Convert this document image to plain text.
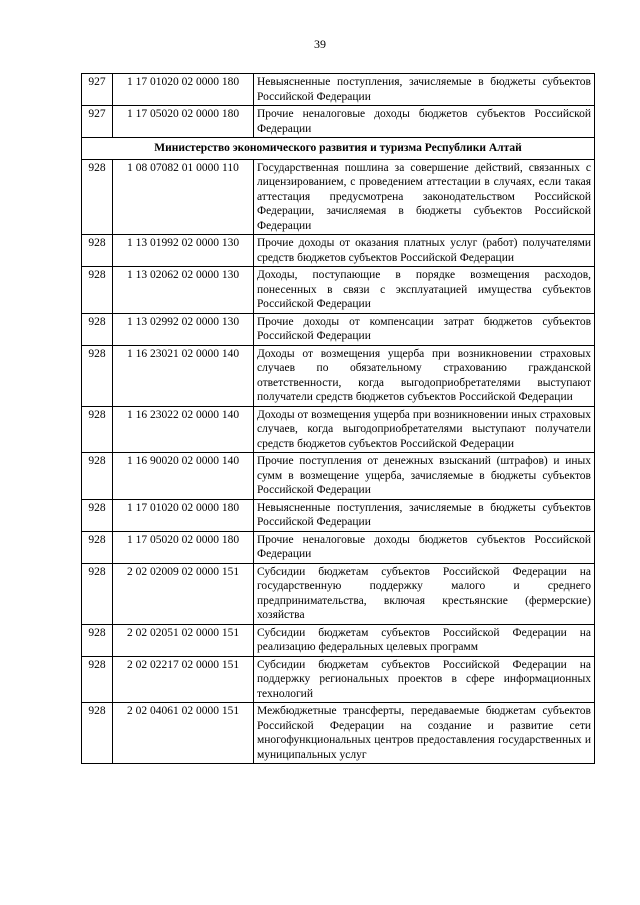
39
927	1 17 01020 02 0000 180	Невыясненные поступления, зачисляемые в бюджеты субъектов Российской Федерации
927	1 17 05020 02 0000 180	Прочие неналоговые доходы бюджетов субъектов Российской Федерации
Министерство экономического развития и туризма Республики Алтай		
928	1 08 07082 01 0000 110	Государственная пошлина за совершение действий, связанных с лицензированием, с проведением аттестации в случаях, если такая аттестация предусмотрена законодательством Российской Федерации, зачисляемая в бюджеты субъектов Российской Федерации
928	1 13 01992 02 0000 130	Прочие доходы от оказания платных услуг (работ) получателями средств бюджетов субъектов Российской Федерации
928	1 13 02062 02 0000 130	Доходы, поступающие в порядке возмещения расходов, понесенных в связи с эксплуатацией имущества субъектов Российской Федерации
928	1 13 02992 02 0000 130	Прочие доходы от компенсации затрат бюджетов субъектов Российской Федерации
928	1 16 23021 02 0000 140	Доходы от возмещения ущерба при возникновении страховых случаев по обязательному страхованию гражданской ответственности, когда выгодоприобретателями выступают получатели средств бюджетов субъектов Российской Федерации
928	1 16 23022 02 0000 140	Доходы от возмещения ущерба при возникновении иных страховых случаев, когда выгодоприобретателями выступают получатели средств бюджетов субъектов Российской Федерации
928	1 16 90020 02 0000 140	Прочие поступления от денежных взысканий (штрафов) и иных сумм в возмещение ущерба, зачисляемые в бюджеты субъектов Российской Федерации
928	1 17 01020 02 0000 180	Невыясненные поступления, зачисляемые в бюджеты субъектов Российской Федерации
928	1 17 05020 02 0000 180	Прочие неналоговые доходы бюджетов субъектов Российской Федерации
928	2 02 02009 02 0000 151	Субсидии бюджетам субъектов Российской Федерации на государственную поддержку малого и среднего предпринимательства, включая крестьянские (фермерские) хозяйства
928	2 02 02051 02 0000 151	Субсидии бюджетам субъектов Российской Федерации на реализацию федеральных целевых программ
928	2 02 02217 02 0000 151	Субсидии бюджетам субъектов Российской Федерации на поддержку региональных проектов в сфере информационных технологий
928	2 02 04061 02 0000 151	Межбюджетные трансферты, передаваемые бюджетам субъектов Российской Федерации на создание и развитие сети многофункциональных центров предоставления государственных и муниципальных услуг
